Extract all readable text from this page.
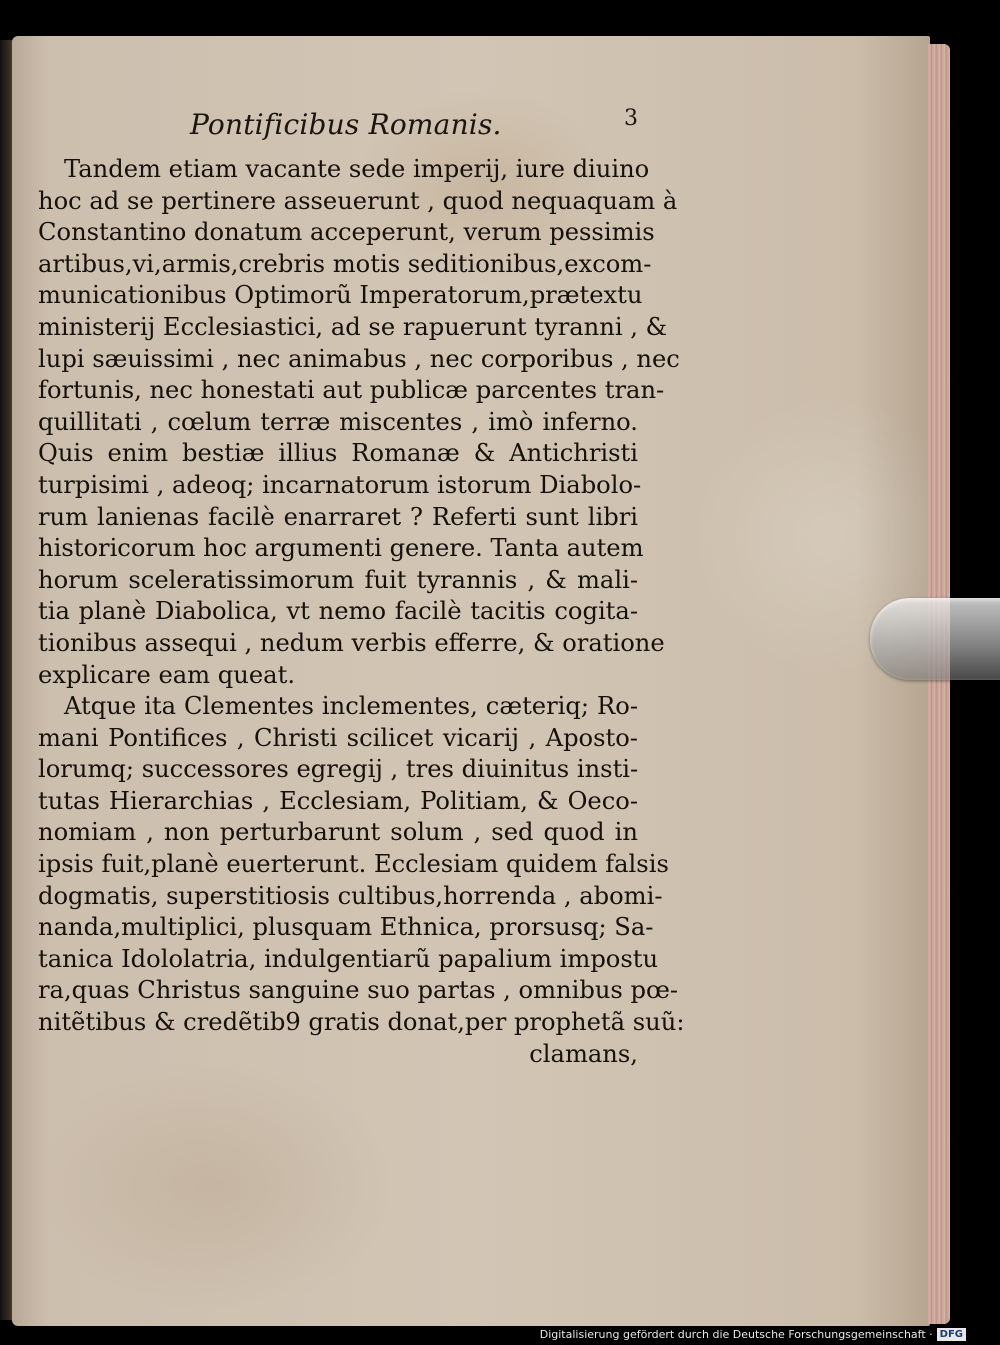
Pontificibus Romanis.	3
Tandem etiam vacante sede imperij, iure diuino
hoc ad se pertinere asseuerunt , quod nequaquam à
Constantino donatum acceperunt, verum pessimis
artibus,vi,armis,crebris motis seditionibus,excom-
municationibus Optimorũ Imperatorum,prætextu
ministerij Ecclesiastici, ad se rapuerunt tyranni , &
lupi sæuissimi , nec animabus , nec corporibus , nec
fortunis, nec honestati aut publicæ parcentes tran-
quillitati , cœlum terræ miscentes , imò inferno.
Quis enim bestiæ illius Romanæ & Antichristi
turpisimi , adeoq; incarnatorum istorum Diabolo-
rum lanienas facilè enarraret ? Referti sunt libri
historicorum hoc argumenti genere. Tanta autem
horum sceleratissimorum fuit tyrannis , & mali-
tia planè Diabolica, vt nemo facilè tacitis cogita-
tionibus assequi , nedum verbis efferre, & oratione
explicare eam queat.
Atque ita Clementes inclementes, cæteriq; Ro-
mani Pontifices , Christi scilicet vicarij , Aposto-
lorumq; successores egregij , tres diuinitus insti-
tutas Hierarchias , Ecclesiam, Politiam, & Oeco-
nomiam , non perturbarunt solum , sed quod in
ipsis fuit,planè euerterunt. Ecclesiam quidem falsis
dogmatis, superstitiosis cultibus,horrenda , abomi-
nanda,multiplici, plusquam Ethnica, prorsusq; Sa-
tanica Idololatria, indulgentiarũ papalium impostu
ra,quas Christus sanguine suo partas , omnibus pœ-
nitẽtibus & credẽtib9 gratis donat,per prophetã suũ:
clamans,
Digitalisierung gefördert durch die Deutsche Forschungsgemeinschaft · DFG
